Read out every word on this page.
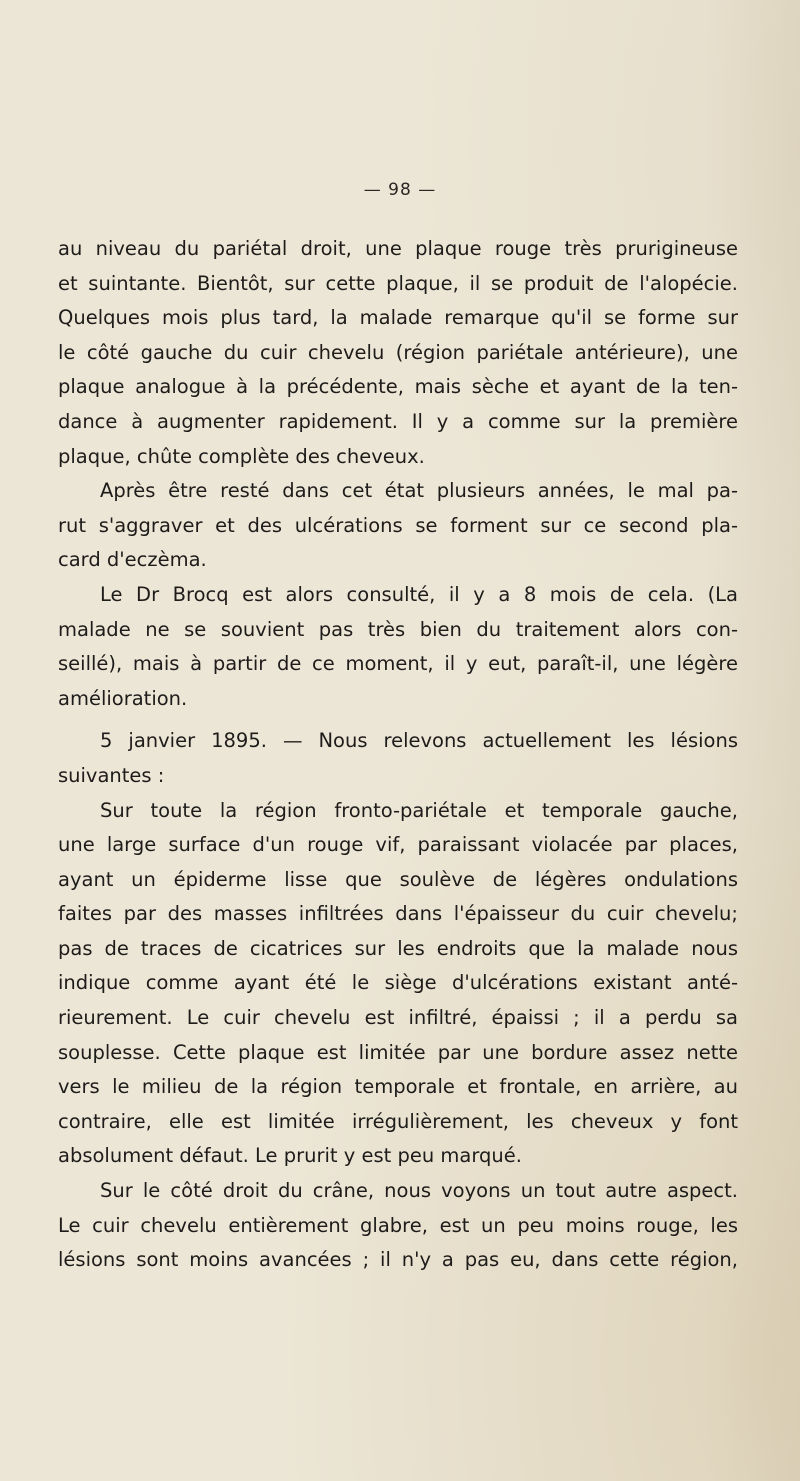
— 98 —
au niveau du pariétal droit, une plaque rouge très prurigineuse
et suintante. Bientôt, sur cette plaque, il se produit de l'alopécie.
Quelques mois plus tard, la malade remarque qu'il se forme sur
le côté gauche du cuir chevelu (région pariétale antérieure), une
plaque analogue à la précédente, mais sèche et ayant de la ten-
dance à augmenter rapidement. Il y a comme sur la première
plaque, chûte complète des cheveux.
Après être resté dans cet état plusieurs années, le mal pa-
rut s'aggraver et des ulcérations se forment sur ce second pla-
card d'eczèma.
Le Dr Brocq est alors consulté, il y a 8 mois de cela. (La
malade ne se souvient pas très bien du traitement alors con-
seillé), mais à partir de ce moment, il y eut, paraît-il, une légère
amélioration.
5 janvier 1895. — Nous relevons actuellement les lésions
suivantes :
Sur toute la région fronto-pariétale et temporale gauche,
une large surface d'un rouge vif, paraissant violacée par places,
ayant un épiderme lisse que soulève de légères ondulations
faites par des masses infiltrées dans l'épaisseur du cuir chevelu;
pas de traces de cicatrices sur les endroits que la malade nous
indique comme ayant été le siège d'ulcérations existant anté-
rieurement. Le cuir chevelu est infiltré, épaissi ; il a perdu sa
souplesse. Cette plaque est limitée par une bordure assez nette
vers le milieu de la région temporale et frontale, en arrière, au
contraire, elle est limitée irrégulièrement, les cheveux y font
absolument défaut. Le prurit y est peu marqué.
Sur le côté droit du crâne, nous voyons un tout autre aspect.
Le cuir chevelu entièrement glabre, est un peu moins rouge, les
lésions sont moins avancées ; il n'y a pas eu, dans cette région,
